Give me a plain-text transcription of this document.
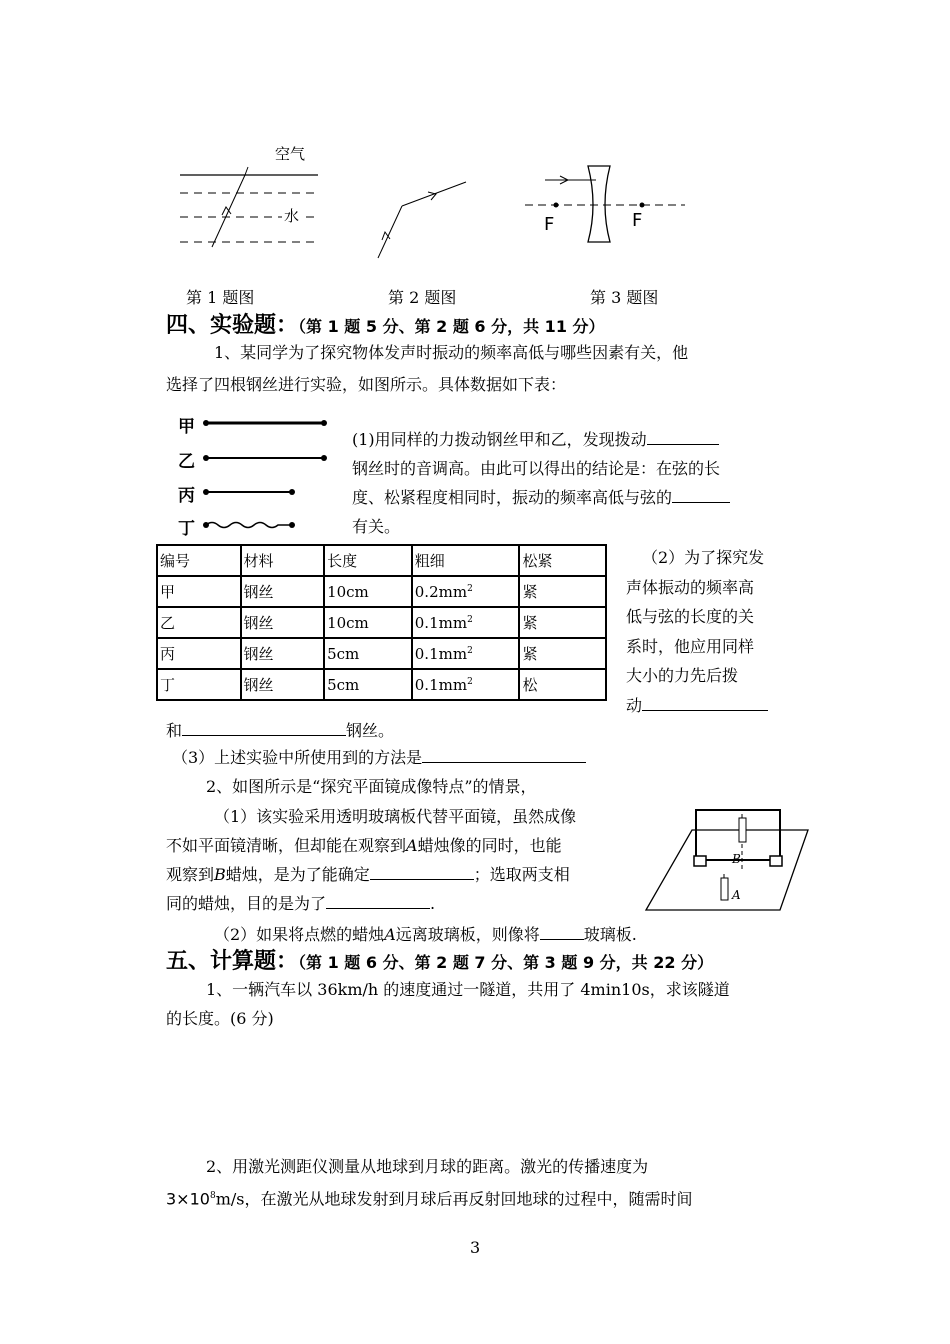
空气
水	F	F
第 1 题图	第 2 题图	第 3 题图
四、实验题：（第 1 题 5 分、第 2 题 6 分，共 11 分）
1、某同学为了探究物体发声时振动的频率高低与哪些因素有关，他
选择了四根钢丝进行实验，如图所示。具体数据如下表：
甲
乙
丙
丁
(1)用同样的力拨动钢丝甲和乙，发现拨动
钢丝时的音调高。由此可以得出的结论是：在弦的长
度、松紧程度相同时，振动的频率高低与弦的
有关。
编号	材料	长度	粗细	松紧
甲	钢丝	10cm	$0.2mm^2$	紧
乙	钢丝	10cm	$0.1mm^2$	紧
丙	钢丝	5cm	$0.1mm^2$	紧
丁	钢丝	5cm	$0.1mm^2$	松
（2）为了探究发
声体振动的频率高
低与弦的长度的关
系时，他应用同样
大小的力先后拨
动
和	钢丝。
（3）上述实验中所使用到的方法是
2、如图所示是“探究平面镜成像特点”的情景，
（1）该实验采用透明玻璃板代替平面镜，虽然成像
不如平面镜清晰，但却能在观察到A蜡烛像的同时，也能
观察到B蜡烛，是为了能确定	；选取两支相
同的蜡烛，目的是为了	.
（2）如果将点燃的蜡烛A远离玻璃板，则像将	玻璃板.
B
A
五、计算题：（第 1 题 6 分、第 2 题 7 分、第 3 题 9 分，共 22 分）
1、一辆汽车以 36km/h 的速度通过一隧道，共用了 4min10s，求该隧道
的长度。(6 分)
2、用激光测距仪测量从地球到月球的距离。激光的传播速度为
$3\times 10^8m/s$，在激光从地球发射到月球后再反射回地球的过程中，随需时间
3
